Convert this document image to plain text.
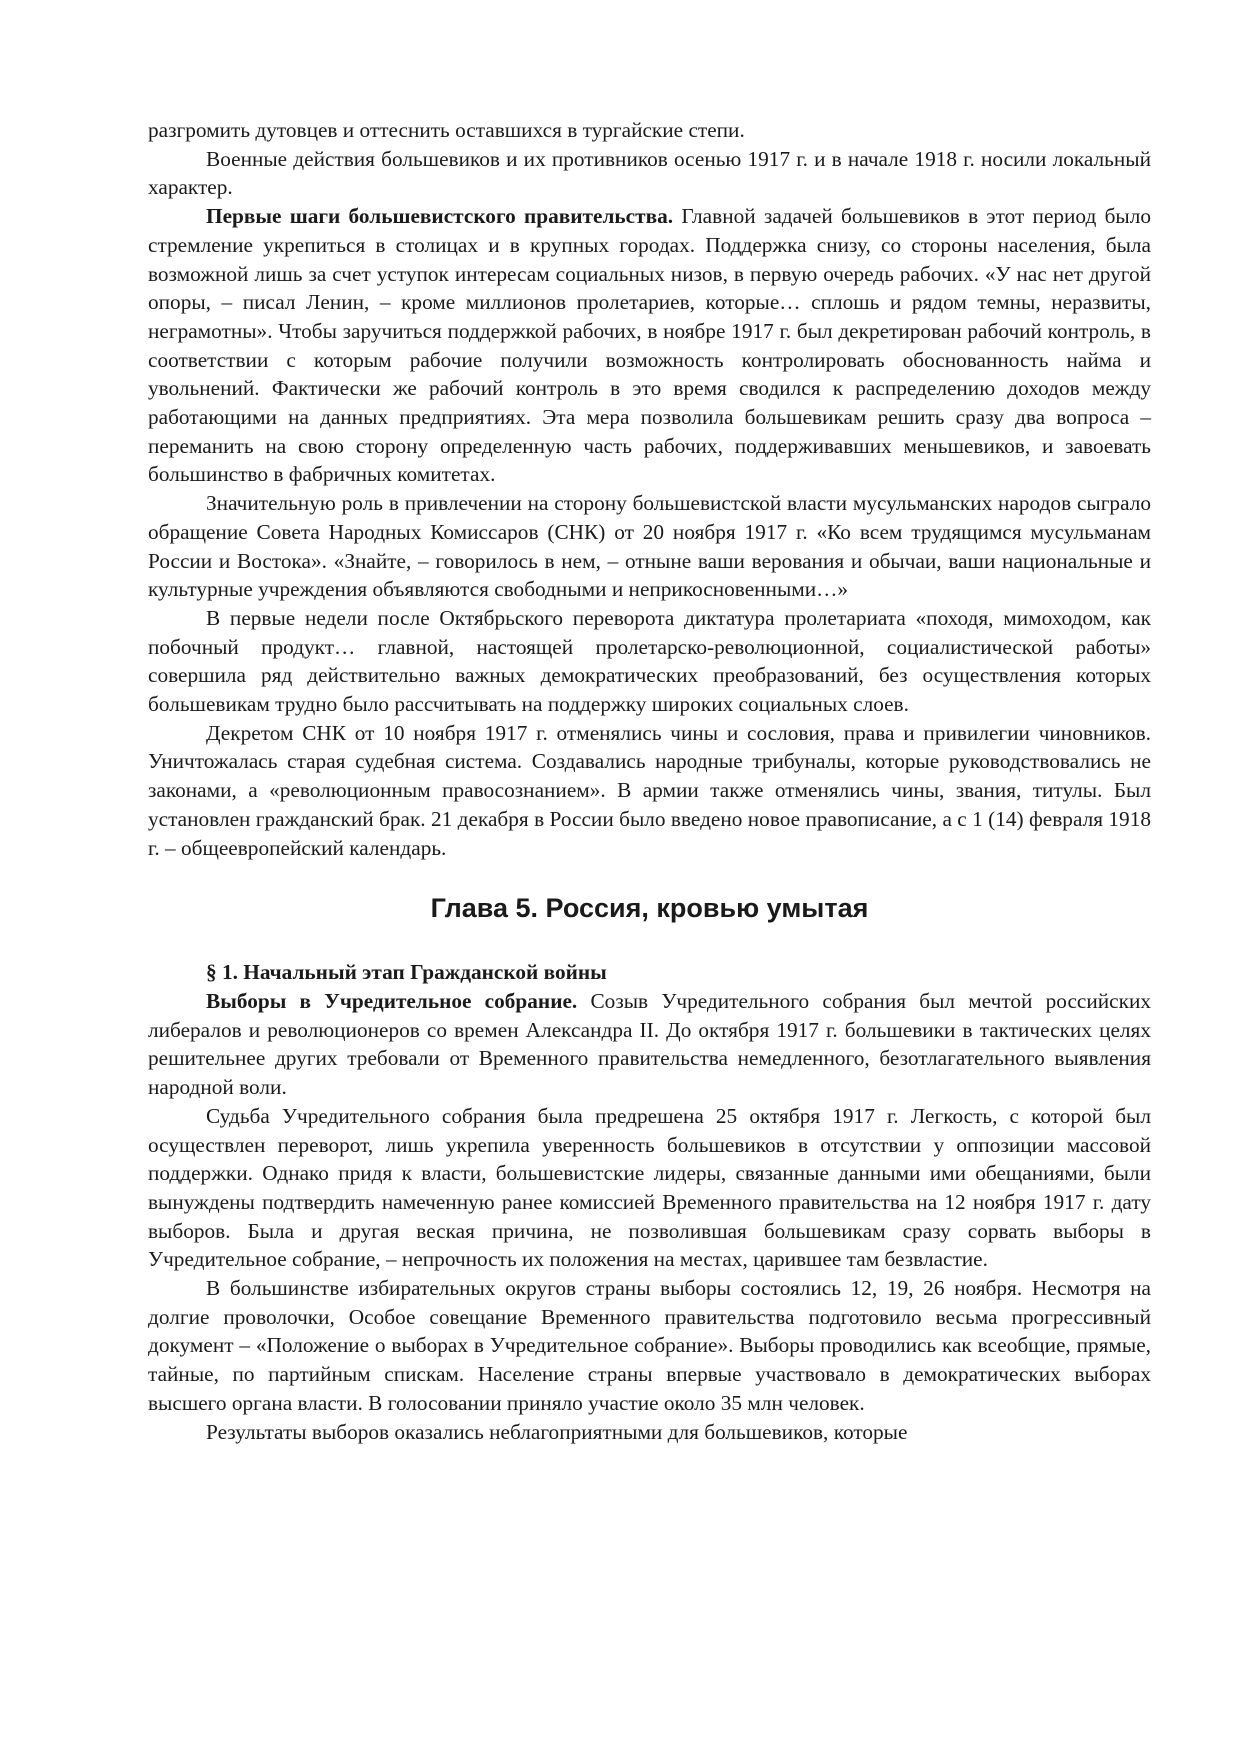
разгромить дутовцев и оттеснить оставшихся в тургайские степи.

Военные действия большевиков и их противников осенью 1917 г. и в начале 1918 г. носили локальный характер.

Первые шаги большевистского правительства. Главной задачей большевиков в этот период было стремление укрепиться в столицах и в крупных городах. Поддержка снизу, со стороны населения, была возможной лишь за счет уступок интересам социальных низов, в первую очередь рабочих. «У нас нет другой опоры, – писал Ленин, – кроме миллионов пролетариев, которые… сплошь и рядом темны, неразвиты, неграмотны». Чтобы заручиться поддержкой рабочих, в ноябре 1917 г. был декретирован рабочий контроль, в соответствии с которым рабочие получили возможность контролировать обоснованность найма и увольнений. Фактически же рабочий контроль в это время сводился к распределению доходов между работающими на данных предприятиях. Эта мера позволила большевикам решить сразу два вопроса – переманить на свою сторону определенную часть рабочих, поддерживавших меньшевиков, и завоевать большинство в фабричных комитетах.

Значительную роль в привлечении на сторону большевистской власти мусульманских народов сыграло обращение Совета Народных Комиссаров (СНК) от 20 ноября 1917 г. «Ко всем трудящимся мусульманам России и Востока». «Знайте, – говорилось в нем, – отныне ваши верования и обычаи, ваши национальные и культурные учреждения объявляются свободными и неприкосновенными…»

В первые недели после Октябрьского переворота диктатура пролетариата «походя, мимоходом, как побочный продукт… главной, настоящей пролетарско-революционной, социалистической работы» совершила ряд действительно важных демократических преобразований, без осуществления которых большевикам трудно было рассчитывать на поддержку широких социальных слоев.

Декретом СНК от 10 ноября 1917 г. отменялись чины и сословия, права и привилегии чиновников. Уничтожалась старая судебная система. Создавались народные трибуналы, которые руководствовались не законами, а «революционным правосознанием». В армии также отменялись чины, звания, титулы. Был установлен гражданский брак. 21 декабря в России было введено новое правописание, а с 1 (14) февраля 1918 г. – общеевропейский календарь.

Глава 5. Россия, кровью умытая
§ 1. Начальный этап Гражданской войны

Выборы в Учредительное собрание. Созыв Учредительного собрания был мечтой российских либералов и революционеров со времен Александра II. До октября 1917 г. большевики в тактических целях решительнее других требовали от Временного правительства немедленного, безотлагательного выявления народной воли.

Судьба Учредительного собрания была предрешена 25 октября 1917 г. Легкость, с которой был осуществлен переворот, лишь укрепила уверенность большевиков в отсутствии у оппозиции массовой поддержки. Однако придя к власти, большевистские лидеры, связанные данными ими обещаниями, были вынуждены подтвердить намеченную ранее комиссией Временного правительства на 12 ноября 1917 г. дату выборов. Была и другая веская причина, не позволившая большевикам сразу сорвать выборы в Учредительное собрание, – непрочность их положения на местах, царившее там безвластие.

В большинстве избирательных округов страны выборы состоялись 12, 19, 26 ноября. Несмотря на долгие проволочки, Особое совещание Временного правительства подготовило весьма прогрессивный документ – «Положение о выборах в Учредительное собрание». Выборы проводились как всеобщие, прямые, тайные, по партийным спискам. Население страны впервые участвовало в демократических выборах высшего органа власти. В голосовании приняло участие около 35 млн человек.

Результаты выборов оказались неблагоприятными для большевиков, которые
